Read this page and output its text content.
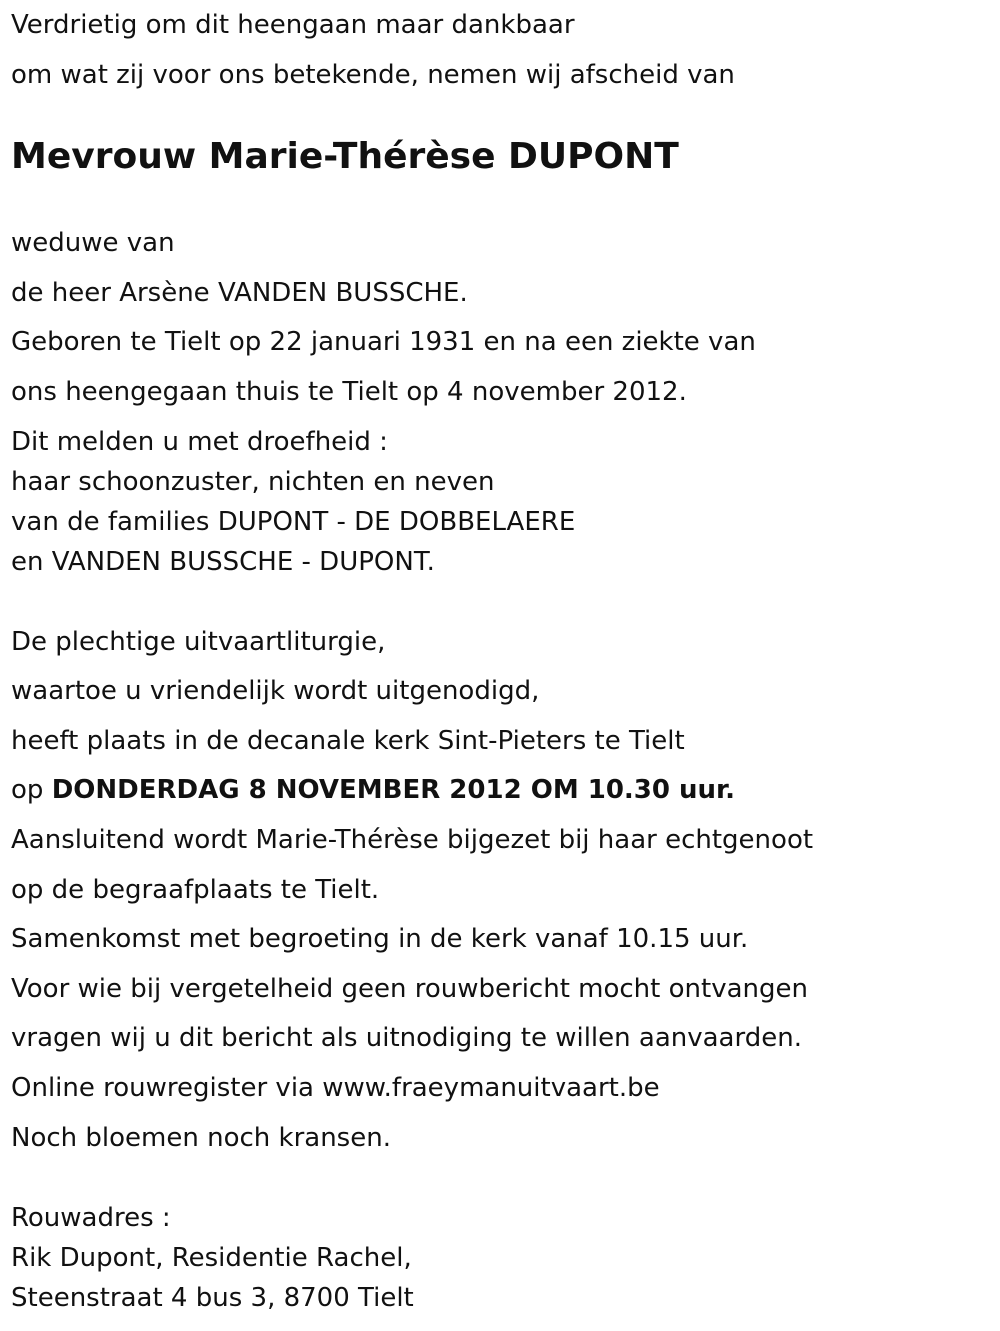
Verdrietig om dit heengaan maar dankbaar

om wat zij voor ons betekende, nemen wij afscheid van

Mevrouw Marie-Thérèse DUPONT

weduwe van

de heer Arsène VANDEN BUSSCHE.

Geboren te Tielt op 22 januari 1931 en na een ziekte van

ons heengegaan thuis te Tielt op 4 november 2012.

Dit melden u met droefheid :

haar schoonzuster, nichten en neven

van de families DUPONT - DE DOBBELAERE

en VANDEN BUSSCHE - DUPONT.

De plechtige uitvaartliturgie,

waartoe u vriendelijk wordt uitgenodigd,

heeft plaats in de decanale kerk Sint-Pieters te Tielt

op DONDERDAG 8 NOVEMBER 2012 OM 10.30 uur.

Aansluitend wordt Marie-Thérèse bijgezet bij haar echtgenoot

op de begraafplaats te Tielt.

Samenkomst met begroeting in de kerk vanaf 10.15 uur.

Voor wie bij vergetelheid geen rouwbericht mocht ontvangen

vragen wij u dit bericht als uitnodiging te willen aanvaarden.

Online rouwregister via www.fraeymanuitvaart.be

Noch bloemen noch kransen.

Rouwadres :

Rik Dupont, Residentie Rachel,

Steenstraat 4 bus 3, 8700 Tielt
